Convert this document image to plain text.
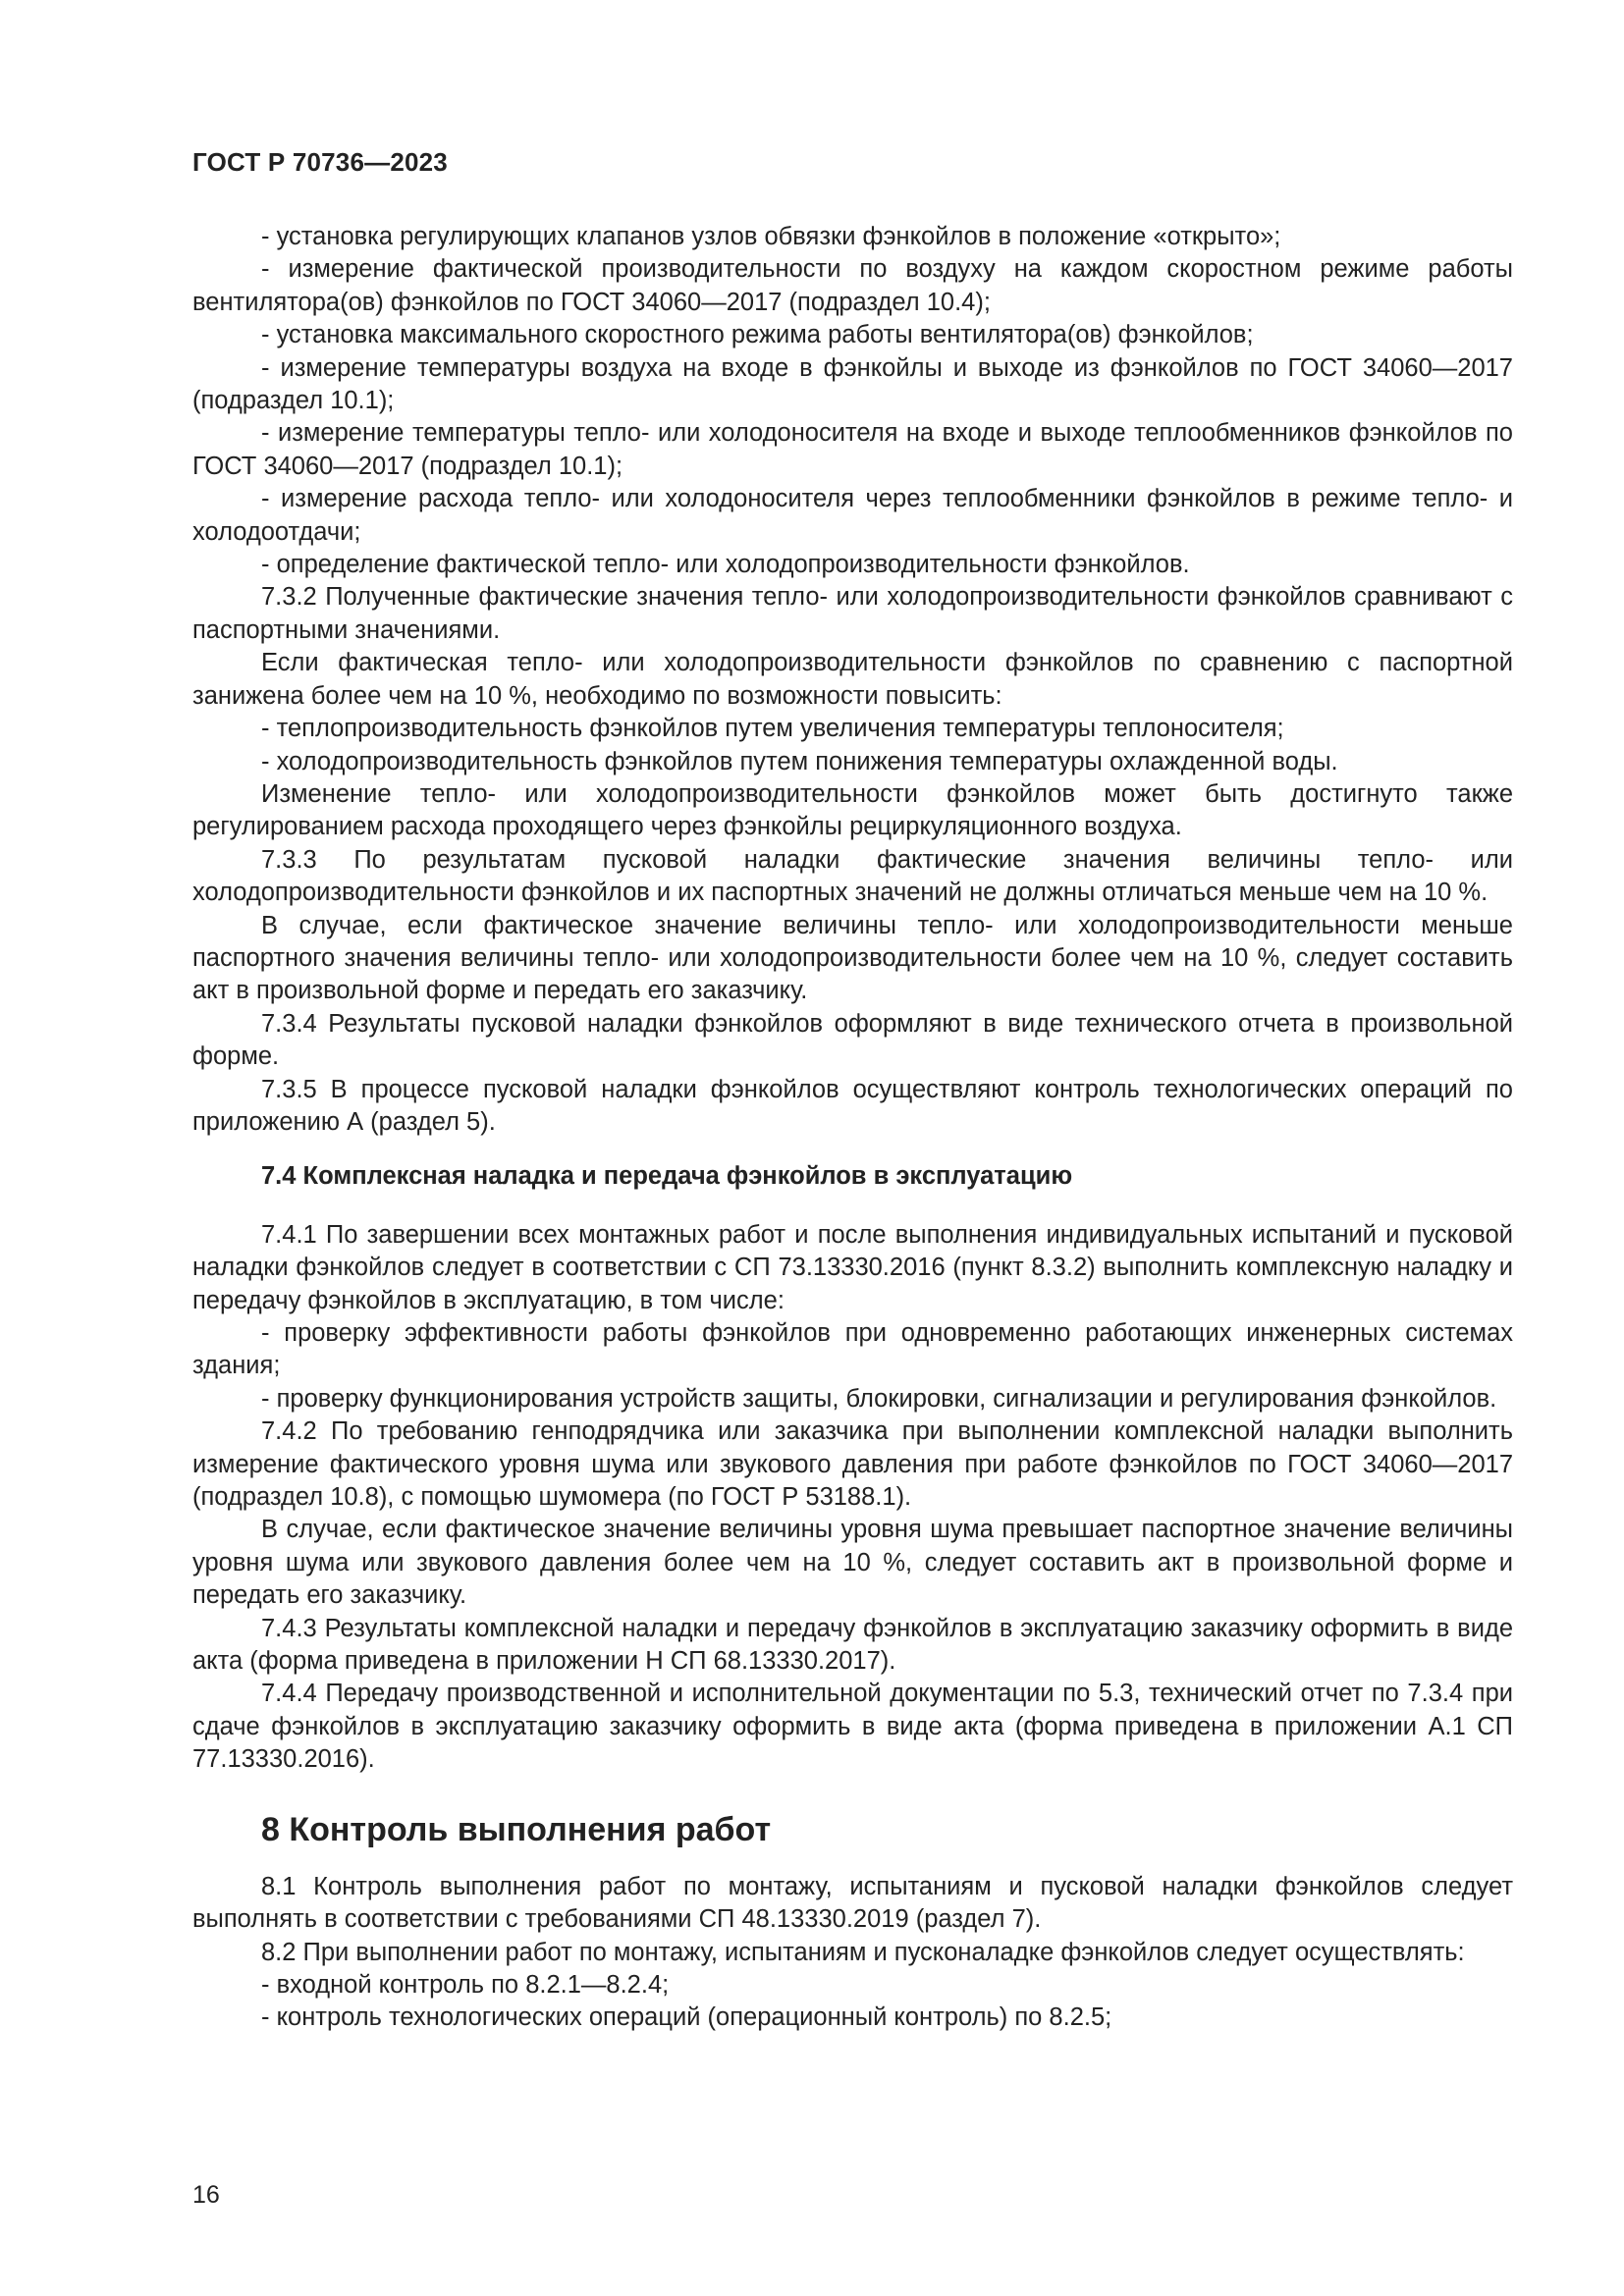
ГОСТ Р 70736—2023

- установка регулирующих клапанов узлов обвязки фэнкойлов в положение «открыто»;

- измерение фактической производительности по воздуху на каждом скоростном режиме работы вентилятора(ов) фэнкойлов по ГОСТ 34060—2017 (подраздел 10.4);

- установка максимального скоростного режима работы вентилятора(ов) фэнкойлов;

- измерение температуры воздуха на входе в фэнкойлы и выходе из фэнкойлов по ГОСТ 34060—2017 (подраздел 10.1);

- измерение температуры тепло- или холодоносителя на входе и выходе теплообменников фэнкойлов по ГОСТ 34060—2017 (подраздел 10.1);

- измерение расхода тепло- или холодоносителя через теплообменники фэнкойлов в режиме тепло- и холодоотдачи;

- определение фактической тепло- или холодопроизводительности фэнкойлов.

7.3.2 Полученные фактические значения тепло- или холодопроизводительности фэнкойлов сравнивают с паспортными значениями.

Если фактическая тепло- или холодопроизводительности фэнкойлов по сравнению с паспортной занижена более чем на 10 %, необходимо по возможности повысить:

- теплопроизводительность фэнкойлов путем увеличения температуры теплоносителя;

- холодопроизводительность фэнкойлов путем понижения температуры охлажденной воды.

Изменение тепло- или холодопроизводительности фэнкойлов может быть достигнуто также регулированием расхода проходящего через фэнкойлы рециркуляционного воздуха.

7.3.3 По результатам пусковой наладки фактические значения величины тепло- или холодопроизводительности фэнкойлов и их паспортных значений не должны отличаться меньше чем на 10 %.

В случае, если фактическое значение величины тепло- или холодопроизводительности меньше паспортного значения величины тепло- или холодопроизводительности более чем на 10 %, следует составить акт в произвольной форме и передать его заказчику.

7.3.4 Результаты пусковой наладки фэнкойлов оформляют в виде технического отчета в произвольной форме.

7.3.5 В процессе пусковой наладки фэнкойлов осуществляют контроль технологических операций по приложению А (раздел 5).

7.4 Комплексная наладка и передача фэнкойлов в эксплуатацию

7.4.1 По завершении всех монтажных работ и после выполнения индивидуальных испытаний и пусковой наладки фэнкойлов следует в соответствии с СП 73.13330.2016 (пункт 8.3.2) выполнить комплексную наладку и передачу фэнкойлов в эксплуатацию, в том числе:

- проверку эффективности работы фэнкойлов при одновременно работающих инженерных системах здания;

- проверку функционирования устройств защиты, блокировки, сигнализации и регулирования фэнкойлов.

7.4.2 По требованию генподрядчика или заказчика при выполнении комплексной наладки выполнить измерение фактического уровня шума или звукового давления при работе фэнкойлов по ГОСТ 34060—2017 (подраздел 10.8), с помощью шумомера (по ГОСТ Р 53188.1).

В случае, если фактическое значение величины уровня шума превышает паспортное значение величины уровня шума или звукового давления более чем на 10 %, следует составить акт в произвольной форме и передать его заказчику.

7.4.3 Результаты комплексной наладки и передачу фэнкойлов в эксплуатацию заказчику оформить в виде акта (форма приведена в приложении Н СП 68.13330.2017).

7.4.4 Передачу производственной и исполнительной документации по 5.3, технический отчет по 7.3.4 при сдаче фэнкойлов в эксплуатацию заказчику оформить в виде акта (форма приведена в приложении А.1 СП 77.13330.2016).

8 Контроль выполнения работ

8.1 Контроль выполнения работ по монтажу, испытаниям и пусковой наладки фэнкойлов следует выполнять в соответствии с требованиями СП 48.13330.2019 (раздел 7).

8.2 При выполнении работ по монтажу, испытаниям и пусконаладке фэнкойлов следует осуществлять:

- входной контроль по 8.2.1—8.2.4;

- контроль технологических операций (операционный контроль) по 8.2.5;

16
